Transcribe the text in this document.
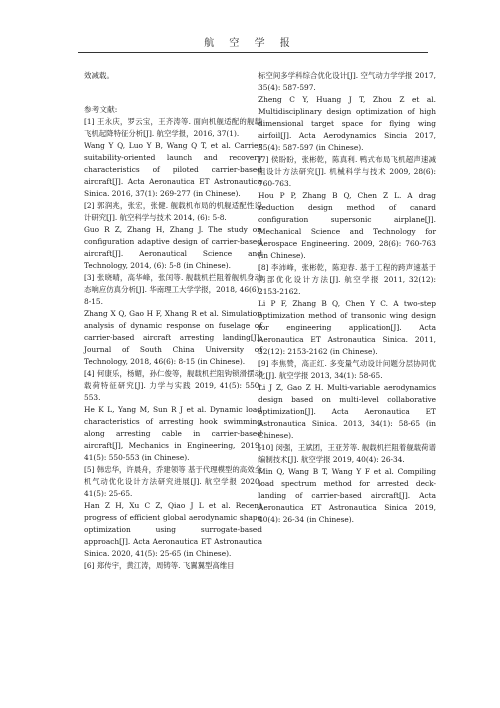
航 空 学 报

效减载。

参考文献:

[1] 王永庆，罗云宝，王齐涛等. 面向机舰适配的舰载飞机起降特征分析[J]. 航空学报，2016, 37(1).

Wang Y Q, Luo Y B, Wang Q T, et al. Carrier suitability-oriented launch and recovery characteristics of piloted carrier-based aircraft[J]. Acta Aeronautica ET Astronautica Sinica. 2016, 37(1): 269-277 (in Chinese).

[2] 郭润兆，张宏，张健. 舰载机布局的机舰适配性设计研究[J]. 航空科学与技术 2014, (6): 5-8.

Guo R Z, Zhang H, Zhang J. The study on configuration adaptive design of carrier-based aircraft[J]. Aeronautical Science and Technology, 2014, (6): 5-8 (in Chinese).

[3] 张晓晴，高华峰，张闰等. 舰载机拦阻着舰机身动态响应仿真分析[J]. 华南理工大学学报，2018, 46(6): 8-15.

Zhang X Q, Gao H F, Xhang R et al. Simulation analysis of dynamic response on fuselage of carrier-based aircraft arresting landing[J], Journal of South China University of Technology, 2018, 46(6): 8-15 (in Chinese).

[4] 何康乐，杨媚，孙仁俊等，舰载机拦阻钩锁滑摆动载荷特征研究[J]. 力学与实践 2019, 41(5): 550-553.

He K L, Yang M, Sun R J et al. Dynamic load characteristics of arresting hook swimming along arresting cable in carrier-based aircraft[J], Mechanics in Engineering, 2019, 41(5): 550-553 (in Chinese).

[5] 韩忠华，许晨舟，乔建领等 基于代理模型的高效全机气动优化设计方法研究进展[J]. 航空学报 2020, 41(5): 25-65.

Han Z H, Xu C Z, Qiao J L et al. Recent progress of efficient global aerodynamic shape optimization using surrogate-based approach[J]. Acta Aeronautica ET Astronautica Sinica. 2020, 41(5): 25-65 (in Chinese).

[6] 郑传宇，黄江涛，周铸等. 飞翼翼型高维目

标空间多学科综合优化设计[J]. 空气动力学学报 2017, 35(4): 587-597.

Zheng C Y, Huang J T, Zhou Z et al. Multidisciplinary design optimization of high dimensional target space for flying wing airfoil[J]. Acta Aerodynamics Sincia 2017, 35(4): 587-597 (in Chinese).

[7] 侯盼盼，张彬乾，陈真利. 鸭式布局飞机超声速减阻设计方法研究[J]. 机械科学与技术 2009, 28(6): 760-763.

Hou P P, Zhang B Q, Chen Z L. A drag reduction design method of canard configuration supersonic airplane[J]. Mechanical Science and Technology for Aerospace Engineering. 2009, 28(6): 760-763 (in Chinese).

[8] 李沛峰，张彬乾，陈迎春. 基于工程的跨声速基于两部优化设计方法[J]. 航空学报 2011, 32(12): 2153-2162.

Li P F, Zhang B Q, Chen Y C. A two-step optimization method of transonic wing design for engineering application[J]. Acta Aeronautica ET Astronautica Sinica. 2011, 32(12): 2153-2162 (in Chinese).

[9] 李焦赞，高正红. 多变量气动设计问题分层协同优化[J]. 航空学报 2013, 34(1): 58-65.

Li J Z, Gao Z H. Multi-variable aerodynamics design based on multi-level collaborative optimization[J]. Acta Aeronautica ET Astronautica Sinica. 2013, 34(1): 58-65 (in Chinese).

[10] 闵强，王斌团，王亚芳等. 舰载机拦阻着舰载荷谱编制技术[J]. 航空学报 2019, 40(4): 26-34.

Min Q, Wang B T, Wang Y F et al. Compiling load spectrum method for arrested deck-landing of carrier-based aircraft[J]. Acta Aeronautica ET Astronautica Sinica 2019, 40(4): 26-34 (in Chinese).
